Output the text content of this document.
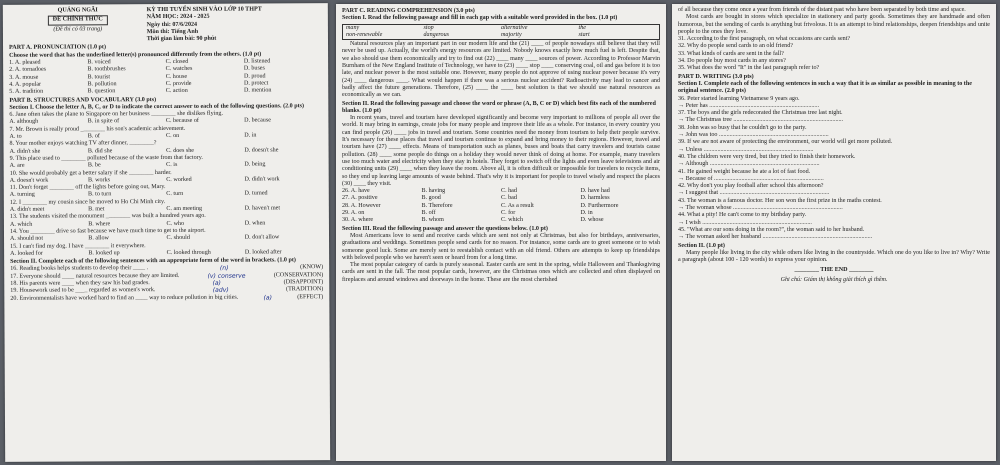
QUẢNG NGÃI
ĐỀ CHÍNH THỨC
(Đề thi có 03 trang)
KỲ THI TUYỂN SINH VÀO LỚP 10 THPT
NĂM HỌC: 2024 - 2025
Ngày thi: 07/6/2024
Môn thi: Tiếng Anh
Thời gian làm bài: 90 phút
PART A. PRONUNCIATION (1.0 pt)
Choose the word that has the underlined letter(s) pronounced differently from the others. (1.0 pt)
1. A. pleased	B. voiced	C. closed	D. listened
2. A. tornadoes	B. toothbrushes	C. watches	D. buses
3. A. mouse	B. tourist	C. house	D. proud
4. A. popular	B. pollution	C. provide	D. protect
5. A. tradition	B. question	C. action	D. mention
PART B. STRUCTURES AND VOCABULARY (3.0 pts)
Section I. Choose the letter A, B, C, or D to indicate the correct answer to each of the following questions. (2.0 pts)
6. Jane often takes the plane to Singapore on her business ________ she dislikes flying.
A. although	B. in spite of	C. because of	D. because
7. Mr. Brown is really proud ________ his son's academic achievement.
A. to	B. of	C. on	D. in
8. Your mother enjoys watching TV after dinner, ________?
A. didn't she	B. did she	C. does she	D. doesn't she
9. This place used to ________ polluted because of the waste from that factory.
A. are	B. be	C. is	D. being
10. She would probably get a better salary if she ________ harder.
A. doesn't work	B. works	C. worked	D. didn't work
11. Don't forget ________ off the lights before going out, Mary.
A. turning	B. to turn	C. turn	D. turned
12. I ________ my cousin since he moved to Ho Chi Minh city.
A. didn't meet	B. met	C. am meeting	D. haven't met
13. The students visited the monument ________ was built a hundred years ago.
A. which	B. where	C. who	D. when
14. You ________ drive so fast because we have much time to get to the airport.
A. should not	B. allow	C. should	D. don't allow
15. I can't find my dog. I have ________ it everywhere.
A. looked for	B. looked up	C. looked through	D. looked after
Section II. Complete each of the following sentences with an appropriate form of the word in brackets. (1.0 pt)
16. Reading books helps students to develop their ____ .	(n)	(KNOW)
17. Everyone should ____ natural resources because they are limited.	(v) conserve	(CONSERVATION)
18. His parents were ____ when they saw his bad grades.	(a)	(DISAPPOINT)
19. Housework used to be ____ regarded as women's work.	(adv)	(TRADITION)
20. Environmentalists have worked hard to find an ____ way to reduce pollution in big cities.	(a)	(EFFECT)
PART C. READING COMPREHENSION (3.0 pts)
Section I. Read the following passage and fill in each gap with a suitable word provided in the box. (1.0 pt)
many	stop	alternative	the
non-renewable	dangerous	majority	start
Natural resources play an important part in our modern life and the (21) ____ of people nowadays still believe that they will never be used up. Actually, the world's energy resources are limited. Nobody knows exactly how much fuel is left. Despite that, we also should use them economically and try to find out (22) ____ many ____ sources of power. According to Professor Marvin Burnham of the New England Institute of Technology, we have to (23) ____ stop ____ conserving coal, oil and gas before it is too late, and nuclear power is the most suitable one. However, many people do not approve of using nuclear power because it's very (24) ____ dangerous ____. What would happen if there was a serious nuclear accident? Radioactivity may lead to cancer and badly affect the future generations. Therefore, (25) ____ the ____ best solution is that we should use natural resources as economically as we can.
Section II. Read the following passage and choose the word or phrase (A, B, C or D) which best fits each of the numbered blanks. (1.0 pt)
In recent years, travel and tourism have developed significantly and become very important to millions of people all over the world. It may bring in earnings, create jobs for many people and improve their life as a whole. For instance, in every country you can find people (26) ____ jobs in travel and tourism. Some countries need the money from tourism to help their people survive. It's necessary for these places that travel and tourism continue to expand and bring money to their regions. However, travel and tourism have (27) ____ effects. Means of transportation such as planes, buses and boats that carry travelers and tourists cause pollution. (28) ____ some people do things on a holiday they would never think of doing at home. For example, many travelers use too much water and electricity when they stay in hotels. They forget to switch off the lights and even leave televisions and air conditioning units (29) ____ when they leave the room. Above all, it is often difficult or impossible for travelers to recycle items, so they end up leaving large amounts of waste behind. That's why it is important for people to travel wisely and respect the places (30) ____ they visit.
26. A. have	B. having	C. had	D. have had
27. A. positive	B. good	C. bad	D. harmless
28. A. However	B. Therefore	C. As a result	D. Furthermore
29. A. on	B. off	C. for	D. in
30. A. where	B. whom	C. which	D. whose
Section III. Read the following passage and answer the questions below. (1.0 pt)
Most Americans love to send and receive cards which are sent not only at Christmas, but also for birthdays, anniversaries, graduations and weddings. Sometimes people send cards for no reason. For instance, some cards are to greet someone or to wish someone good luck. Some are merely sent to reestablish contact with an old friend. Others are attempts to keep up friendships with beloved people who we haven't seen or heard from for a long time.
The most popular category of cards is purely seasonal. Easter cards are sent in the spring, while Halloween and Thanksgiving cards are sent in the fall. The most popular cards, however, are the Christmas ones which are collected and often displayed on fireplaces and around windows and doorways in the home. These are the most cherished
of all because they come once a year from friends of the distant past who have been separated by both time and space.
Most cards are bought in stores which specialize in stationery and party goods. Sometimes they are handmade and often humorous, but the sending of cards is anything but frivolous. It is an attempt to bind relationships, deepen friendships and unite people to the ones they love.
31. According to the first paragraph, on what occasions are cards sent?
32. Why do people send cards to an old friend?
33. What kinds of cards are sent in the fall?
34. Do people buy most cards in any stores?
35. What does the word "It" in the last paragraph refer to?
PART D. WRITING (3.0 pts)
Section I. Complete each of the following sentences in such a way that it is as similar as possible in meaning to the original sentence. (2.0 pts)
36. Peter started learning Vietnamese 9 years ago.
→ Peter has ........................................................................
37. The boys and the girls redecorated the Christmas tree last night.
→ The Christmas tree ........................................................................
38. John was so busy that he couldn't go to the party.
→ John was too ........................................................................
39. If we are not aware of protecting the environment, our world will get more polluted.
→ Unless ........................................................................
40. The children were very tired, but they tried to finish their homework.
→ Although ........................................................................
41. He gained weight because he ate a lot of fast food.
→ Because of ........................................................................
42. Why don't you play football after school this afternoon?
→ I suggest that ........................................................................
43. The woman is a famous doctor. Her son won the first prize in the maths contest.
→ The woman whose ........................................................................
44. What a pity! He can't come to my birthday party.
→ I wish ........................................................................
45. "What are our sons doing in the room?", the woman said to her husband.
→ The woman asked her husband ........................................................................
Section II. (1.0 pt)
Many people like living in the city while others like living in the countryside. Which one do you like to live in? Why? Write a paragraph (about 100 - 120 words) to express your opinion.
________ THE END ________
Ghi chú: Giám thị không giải thích gì thêm.
